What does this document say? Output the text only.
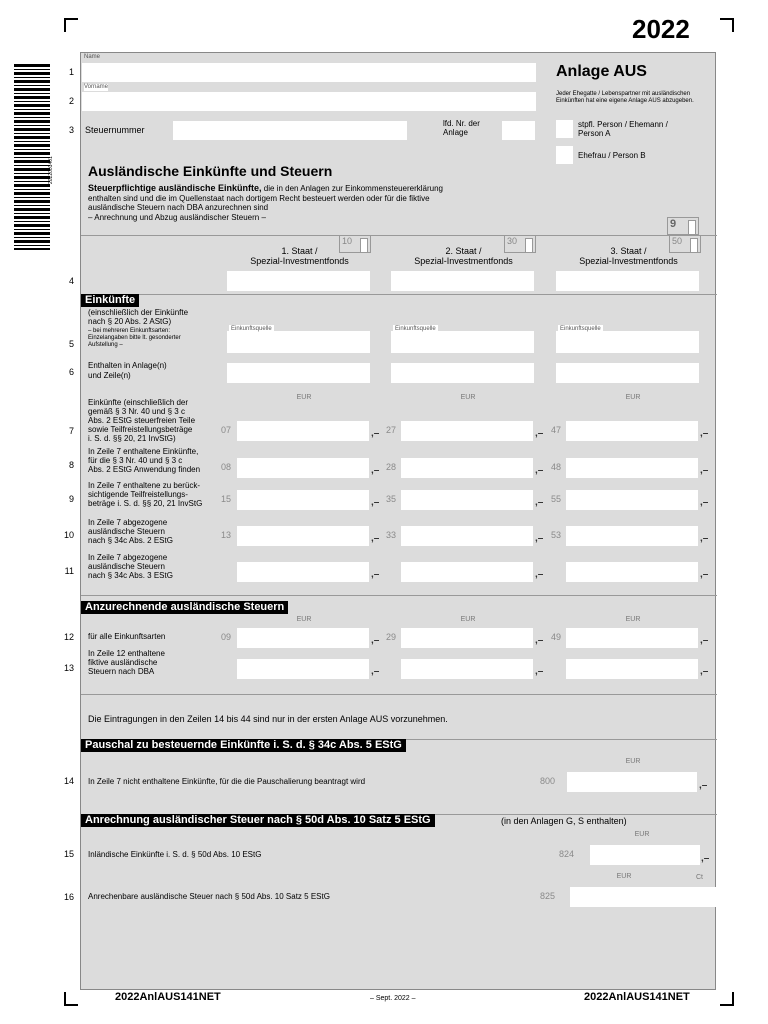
2022
2022001401
1
2
3
4
5
6
7
8
9
10
11
12
13
14
15
16
Name
Vorname
Steuernummer
lfd. Nr. der Anlage
Anlage AUS
Jeder Ehegatte / Lebenspartner mit ausländischen Einkünften hat eine eigene Anlage AUS abzugeben.
stpfl. Person / Ehemann / Person A
Ehefrau / Person B
Ausländische Einkünfte und Steuern
Steuerpflichtige ausländische Einkünfte, die in den Anlagen zur Einkommensteuererklärung
enthalten sind und die im Quellenstaat nach dortigem Recht besteuert werden oder für die fiktive
ausländische Steuern nach DBA anzurechnen sind
– Anrechnung und Abzug ausländischer Steuern –
9
10	30	50
1. Staat /
Spezial-Investmentfonds
2. Staat /
Spezial-Investmentfonds
3. Staat /
Spezial-Investmentfonds
Einkünfte
(einschließlich der Einkünfte
nach § 20 Abs. 2 AStG)
– bei mehreren Einkunftsarten:
Einzelangaben bitte lt. gesonderter
Aufstellung –
Einkunftsquelle	Einkunftsquelle	Einkunftsquelle
Enthalten in Anlage(n)
und Zeile(n)
EUR	EUR	EUR
Einkünfte (einschließlich der
gemäß § 3 Nr. 40 und § 3 c
Abs. 2 EStG steuerfreien Teile
sowie Teilfreistellungsbeträge
i. S. d. §§ 20, 21 InvStG)
07	,– 27	,– 47	,–
In Zeile 7 enthaltene Einkünfte,
für die § 3 Nr. 40 und § 3 c
Abs. 2 EStG Anwendung finden 08	,– 28	,– 48	,–
In Zeile 7 enthaltene zu berück-
sichtigende Teilfreistellungs-
beträge i. S. d. §§ 20, 21 InvStG 15	,– 35	,– 55	,–
In Zeile 7 abgezogene
ausländische Steuern
nach § 34c Abs. 2 EStG
13	,– 33	,– 53	,–
In Zeile 7 abgezogene
ausländische Steuern
nach § 34c Abs. 3 EStG	,–	,–	,–
Anzurechnende ausländische Steuern
EUR	EUR	EUR
für alle Einkunftsarten	09	,– 29	,– 49	,–
In Zeile 12 enthaltene
fiktive ausländische
Steuern nach DBA	,–	,–	,–
Die Eintragungen in den Zeilen 14 bis 44 sind nur in der ersten Anlage AUS vorzunehmen.
Pauschal zu besteuernde Einkünfte i. S. d. § 34c Abs. 5 EStG
EUR
In Zeile 7 nicht enthaltene Einkünfte, für die die Pauschalierung beantragt wird	800	,–
Anrechnung ausländischer Steuer nach § 50d Abs. 10 Satz 5 EStG	(in den Anlagen G, S enthalten)
EUR
Inländische Einkünfte i. S. d. § 50d Abs. 10 EStG	824	,–
EUR	Ct
Anrechenbare ausländische Steuer nach § 50d Abs. 10 Satz 5 EStG	825
2022AnlAUS141NET	– Sept. 2022 –	2022AnlAUS141NET
